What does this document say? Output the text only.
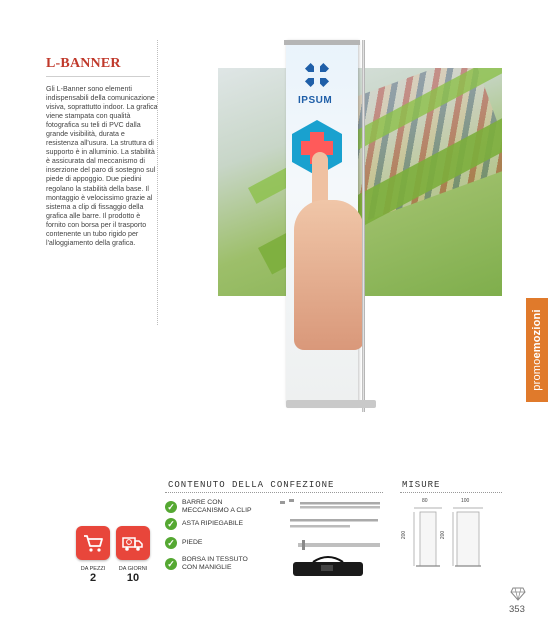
L-BANNER

Gli L-Banner sono elementi indispensabili della comunicazione visiva, soprattutto indoor. La grafica viene stampata con qualità fotografica su teli di PVC dalla grande visibilità, durata e resistenza all'usura. La struttura di supporto è in alluminio. La stabilità è assicurata dal meccanismo di inserzione del paro di sostegno sul piede di appoggio. Due piedini regolano la stabilità della base. Il montaggio è velocissimo grazie al sistema a clip di fissaggio della grafica alle barre. Il prodotto è fornito con borsa per il trasporto contenente un tubo rigido per l'alloggiamento della grafica.

IPSUM
promoemozioni
CONTENUTO DELLA CONFEZIONE
✓	BARRE CON MECCANISMO A CLIP
✓	ASTA RIPIEGABILE
✓	PIEDE
✓	BORSA IN TESSUTO CON MANIGLIE
MISURE
80
200
100
200
DA PEZZI
2
DA GIORNI
10
353
